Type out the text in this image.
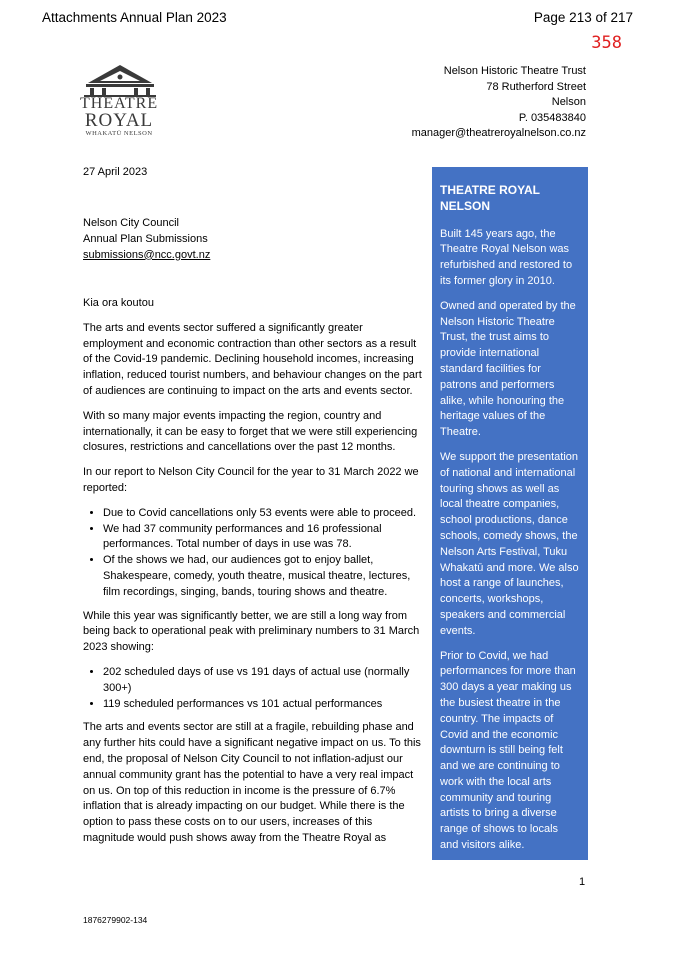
Attachments Annual Plan 2023	Page 213 of 217
358
THEATRE
ROYAL
WHAKATŪ NELSON
Nelson Historic Theatre Trust
78 Rutherford Street
Nelson
P. 035483840
manager@theatreroyalnelson.co.nz
27 April 2023
Nelson City Council
Annual Plan Submissions
submissions@ncc.govt.nz

Kia ora koutou

The arts and events sector suffered a significantly greater employment and economic contraction than other sectors as a result of the Covid-19 pandemic. Declining household incomes, increasing inflation, reduced tourist numbers, and behaviour changes on the part of audiences are continuing to impact on the arts and events sector.

With so many major events impacting the region, country and internationally, it can be easy to forget that we were still experiencing closures, restrictions and cancellations over the past 12 months.

In our report to Nelson City Council for the year to 31 March 2022 we reported:

• Due to Covid cancellations only 53 events were able to proceed.
• We had 37 community performances and 16 professional performances. Total number of days in use was 78.
• Of the shows we had, our audiences got to enjoy ballet, Shakespeare, comedy, youth theatre, musical theatre, lectures, film recordings, singing, bands, touring shows and theatre.

While this year was significantly better, we are still a long way from being back to operational peak with preliminary numbers to 31 March 2023 showing:

• 202 scheduled days of use vs 191 days of actual use (normally 300+)
• 119 scheduled performances vs 101 actual performances

The arts and events sector are still at a fragile, rebuilding phase and any further hits could have a significant negative impact on us. To this end, the proposal of Nelson City Council to not inflation-adjust our annual community grant has the potential to have a very real impact on us. On top of this reduction in income is the pressure of 6.7% inflation that is already impacting on our budget. While there is the option to pass these costs on to our users, increases of this magnitude would push shows away from the Theatre Royal as

THEATRE ROYAL NELSON

Built 145 years ago, the Theatre Royal Nelson was refurbished and restored to its former glory in 2010.

Owned and operated by the Nelson Historic Theatre Trust, the trust aims to provide international standard facilities for patrons and performers alike, while honouring the heritage values of the Theatre.

We support the presentation of national and international touring shows as well as local theatre companies, school productions, dance schools, comedy shows, the Nelson Arts Festival, Tuku Whakatū and more. We also host a range of launches, concerts, workshops, speakers and commercial events.

Prior to Covid, we had performances for more than 300 days a year making us the busiest theatre in the country. The impacts of Covid and the economic downturn is still being felt and we are continuing to work with the local arts community and touring artists to bring a diverse range of shows to locals and visitors alike.

1
1876279902-134
